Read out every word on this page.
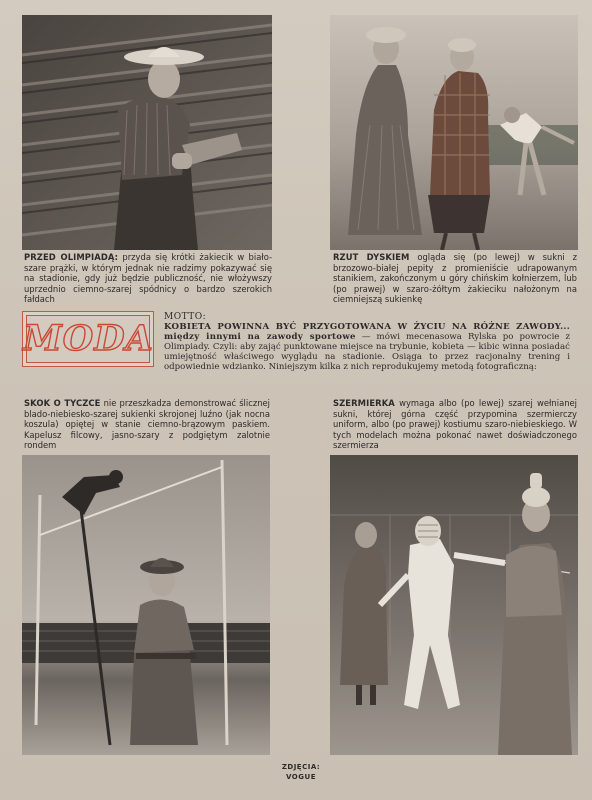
PRZED OLIMPIADĄ: przyda się krótki żakiecik w biało-szare prążki, w którym jednak nie radzimy pokazywać się na stadionie, gdy już będzie publiczność, nie włożywszy uprzednio ciemno-szarej spódnicy o bardzo szerokich fałdach
RZUT DYSKIEM ogląda się (po lewej) w sukni z brzozowo-białej pepity z promieniście udrapowanym stanikiem, zakończonym u góry chińskim kołnierzem, lub (po prawej) w szaro-żółtym żakieciku nałożonym na ciemniejszą sukienkę
MODA
MOTTO:
KOBIETA POWINNA BYĆ PRZYGOTOWANA W ŻYCIU NA RÓŻNE ZAWODY... między innymi na zawody sportowe — mówi mecenasowa Rylska po powrocie z Olimpiady. Czyli: aby zająć punktowane miejsce na trybunie, kobieta — kibic winna posiadać umiejętność właściwego wyglądu na stadionie. Osiąga to przez racjonalny trening i odpowiednie wdzianko. Niniejszym kilka z nich reprodukujemy metodą fotograficzną:
SKOK O TYCZCE nie przeszkadza demonstrować ślicznej blado-niebiesko-szarej sukienki skrojonej luźno (jak nocna koszula) opiętej w stanie ciemno-brązowym paskiem. Kapelusz filcowy, jasno-szary z podgiętym zalotnie rondem
SZERMIERKA wymaga albo (po lewej) szarej wełnianej sukni, której górna część przypomina szermierczy uniform, albo (po prawej) kostiumu szaro-niebieskiego. W tych modelach można pokonać nawet doświadczonego szermierza
ZDJĘCIA:
VOGUE
